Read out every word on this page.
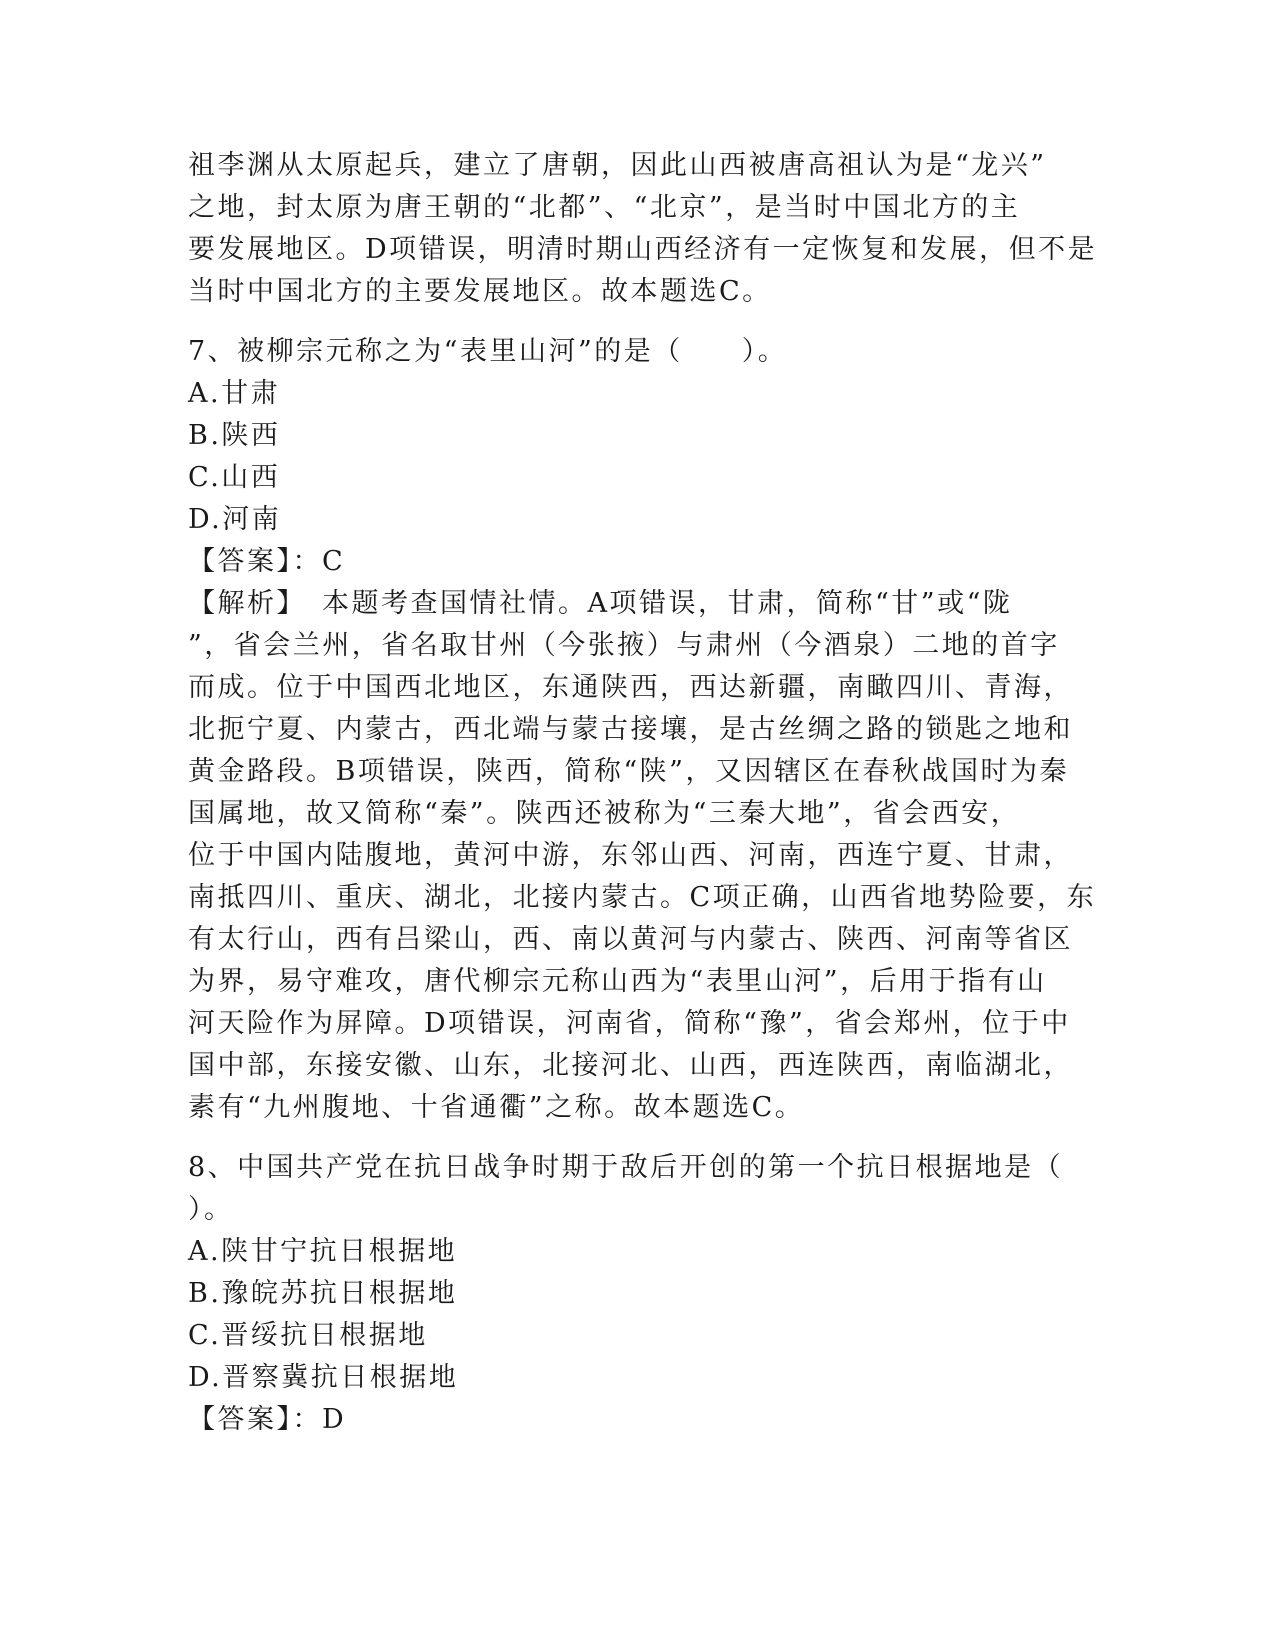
祖李渊从太原起兵，建立了唐朝，因此山西被唐高祖认为是“龙兴”
之地，封太原为唐王朝的“北都”、“北京”，是当时中国北方的主
要发展地区。D项错误，明清时期山西经济有一定恢复和发展，但不是
当时中国北方的主要发展地区。故本题选C。
7、被柳宗元称之为“表里山河”的是（　　）。
A.甘肃
B.陕西
C.山西
D.河南
【答案】：C
【解析】　本题考查国情社情。A项错误，甘肃，简称“甘”或“陇
”，省会兰州，省名取甘州（今张掖）与肃州（今酒泉）二地的首字
而成。位于中国西北地区，东通陕西，西达新疆，南瞰四川、青海，
北扼宁夏、内蒙古，西北端与蒙古接壤，是古丝绸之路的锁匙之地和
黄金路段。B项错误，陕西，简称“陕”，又因辖区在春秋战国时为秦
国属地，故又简称“秦”。陕西还被称为“三秦大地”，省会西安，
位于中国内陆腹地，黄河中游，东邻山西、河南，西连宁夏、甘肃，
南抵四川、重庆、湖北，北接内蒙古。C项正确，山西省地势险要，东
有太行山，西有吕梁山，西、南以黄河与内蒙古、陕西、河南等省区
为界，易守难攻，唐代柳宗元称山西为“表里山河”，后用于指有山
河天险作为屏障。D项错误，河南省，简称“豫”，省会郑州，位于中
国中部，东接安徽、山东，北接河北、山西，西连陕西，南临湖北，
素有“九州腹地、十省通衢”之称。故本题选C。
8、中国共产党在抗日战争时期于敌后开创的第一个抗日根据地是（
）。
A.陕甘宁抗日根据地
B.豫皖苏抗日根据地
C.晋绥抗日根据地
D.晋察冀抗日根据地
【答案】：D
